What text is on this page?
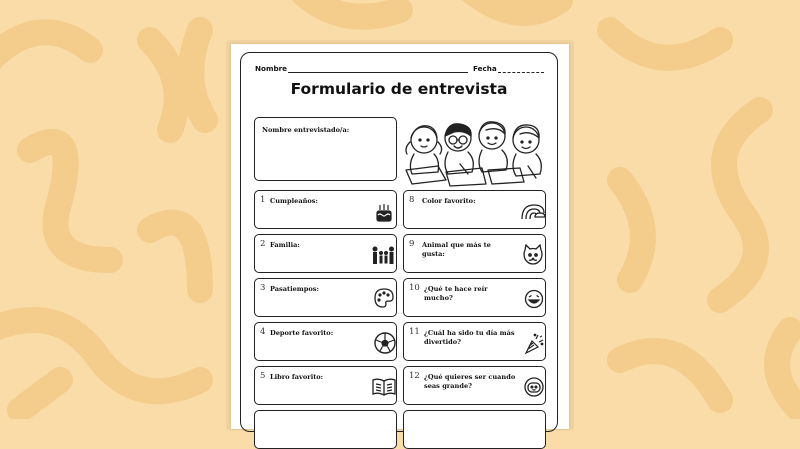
Nombre	Fecha
Formulario de entrevista
Nombre entrevistado/a:
1 Cumpleaños:
2 Familia:
3 Pasatiempos:
4 Deporte favorito:
5 Libro favorito:
8 Color favorito:
9 Animal que más te gusta:
10 ¿Qué te hace reír mucho?
11 ¿Cuál ha sido tu día más divertido?
12 ¿Qué quieres ser cuando seas grande?
